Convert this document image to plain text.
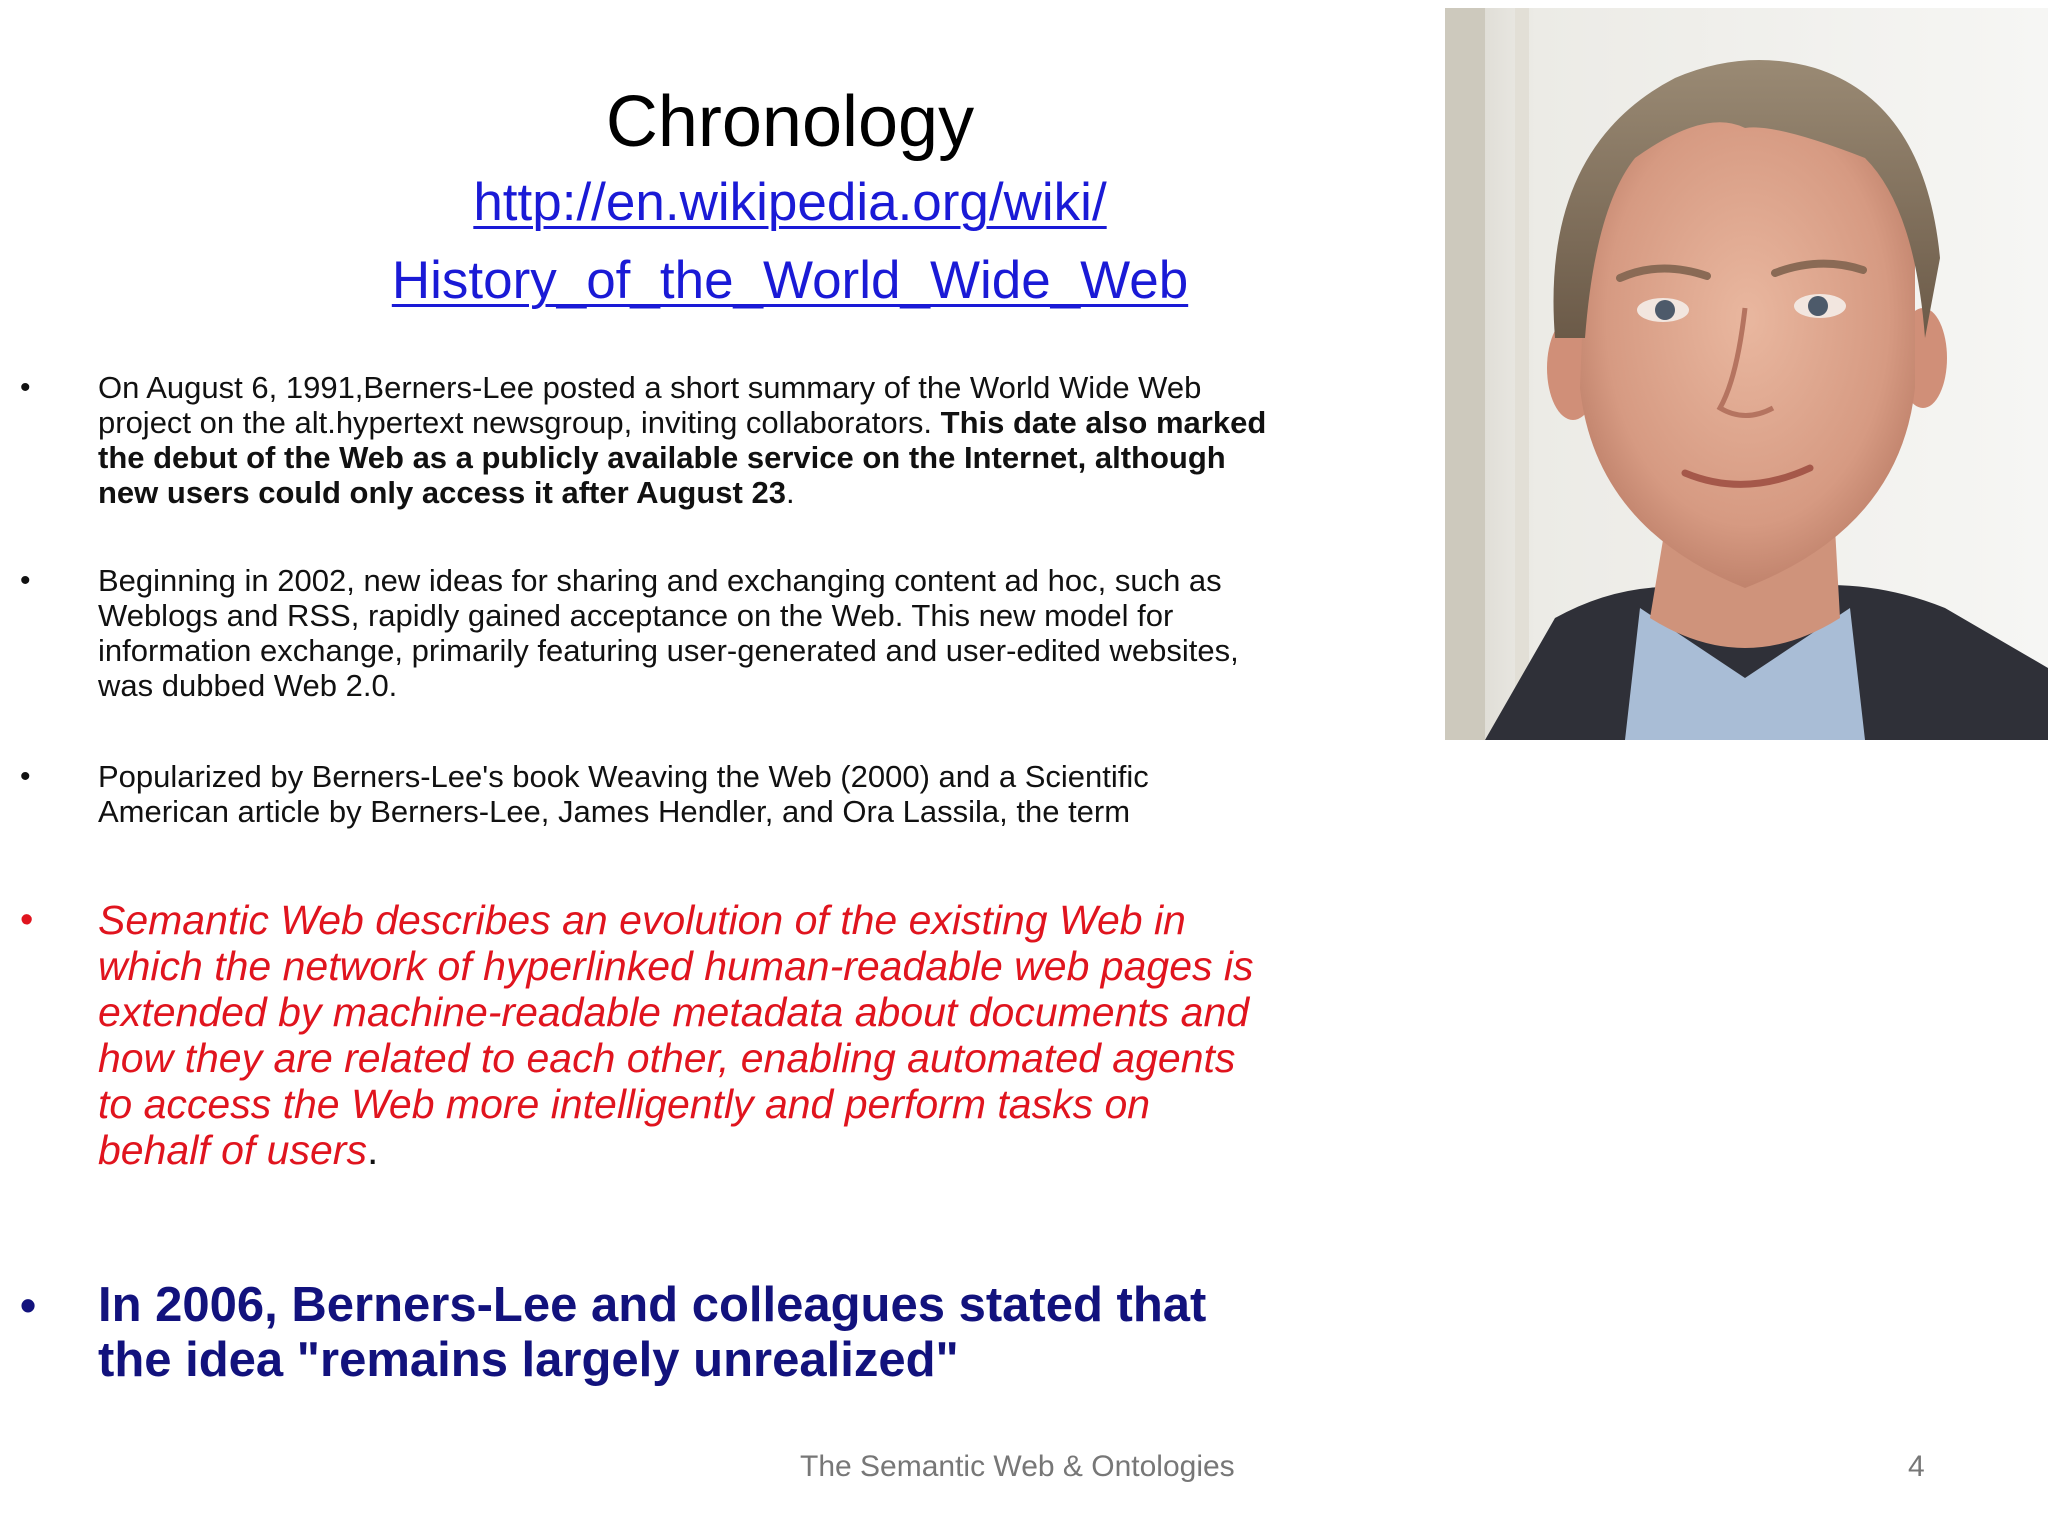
Chronology
http://en.wikipedia.org/wiki/
History_of_the_World_Wide_Web
• On August 6, 1991,Berners-Lee posted a short summary of the World Wide Web project on the alt.hypertext newsgroup, inviting collaborators. This date also marked the debut of the Web as a publicly available service on the Internet, although new users could only access it after August 23.
• Beginning in 2002, new ideas for sharing and exchanging content ad hoc, such as Weblogs and RSS, rapidly gained acceptance on the Web. This new model for information exchange, primarily featuring user-generated and user-edited websites, was dubbed Web 2.0.
• Popularized by Berners-Lee's book Weaving the Web (2000) and a Scientific American article by Berners-Lee, James Hendler, and Ora Lassila, the term
• Semantic Web describes an evolution of the existing Web in which the network of hyperlinked human-readable web pages is extended by machine-readable metadata about documents and how they are related to each other, enabling automated agents to access the Web more intelligently and perform tasks on behalf of users.
• In 2006, Berners-Lee and colleagues stated that the idea "remains largely unrealized"
The Semantic Web & Ontologies	4
